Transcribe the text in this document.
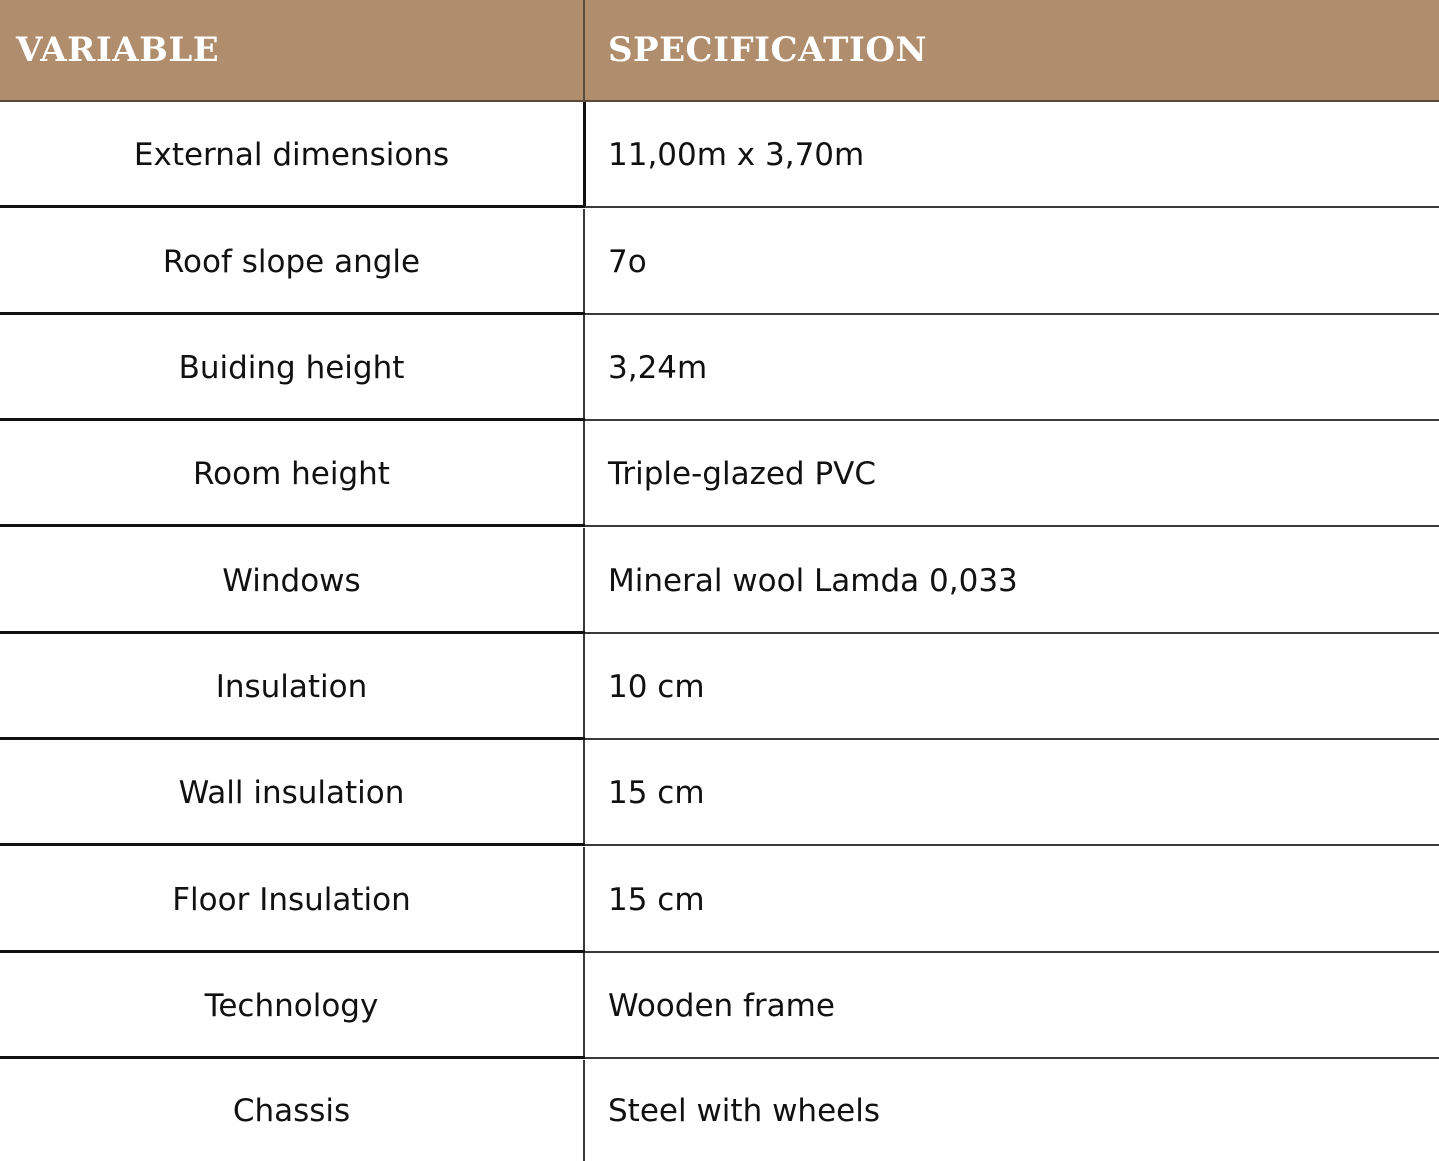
VARIABLE	SPECIFICATION
External dimensions	11,00m x 3,70m
Roof slope angle	7o
Buiding height	3,24m
Room height	Triple-glazed PVC
Windows	Mineral wool Lamda 0,033
Insulation	10 cm
Wall insulation	15 cm
Floor Insulation	15 cm
Technology	Wooden frame
Chassis	Steel with wheels
